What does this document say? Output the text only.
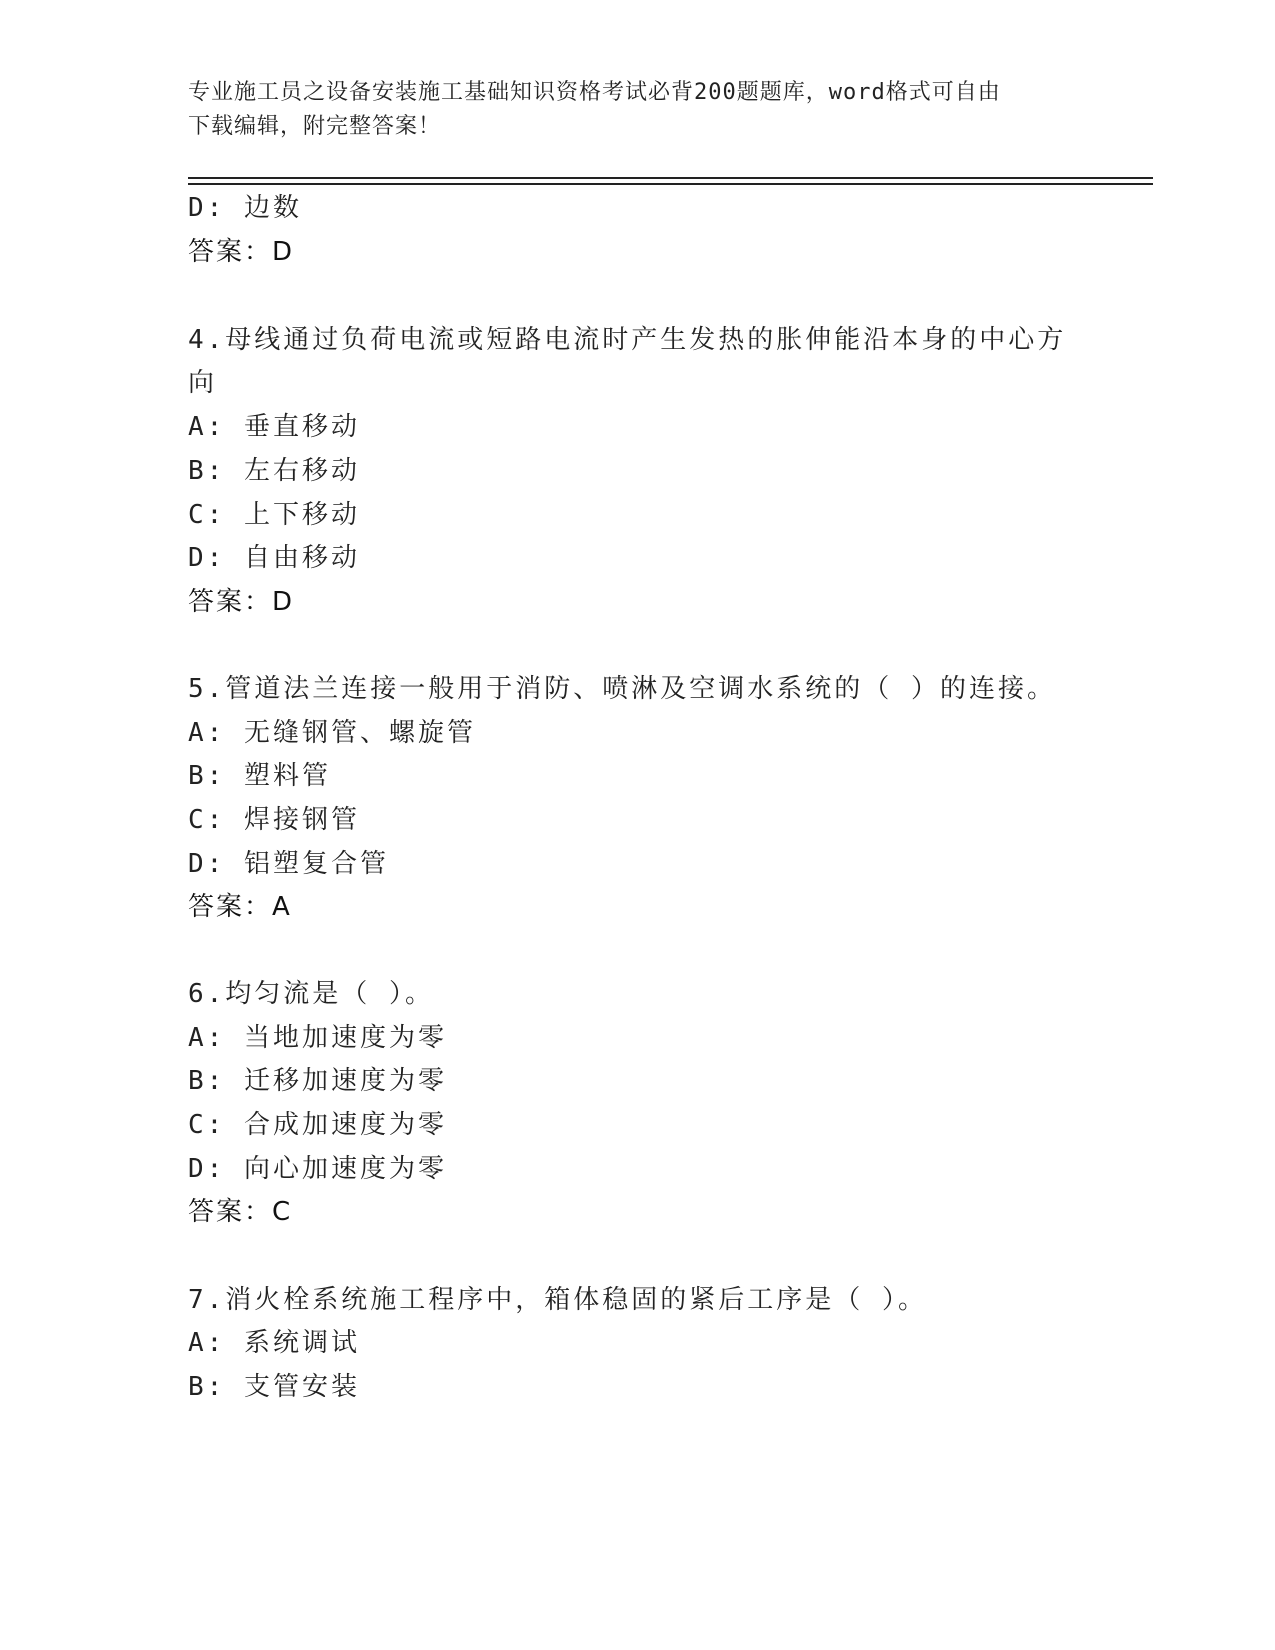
专业施工员之设备安装施工基础知识资格考试必背200题题库，word格式可自由
下载编辑，附完整答案！
D: 边数
答案：D
4.母线通过负荷电流或短路电流时产生发热的胀伸能沿本身的中心方
向
A: 垂直移动
B: 左右移动
C: 上下移动
D: 自由移动
答案：D
5.管道法兰连接一般用于消防、喷淋及空调水系统的（ ）的连接。
A: 无缝钢管、螺旋管
B: 塑料管
C: 焊接钢管
D: 铝塑复合管
答案：A
6.均匀流是（ ）。
A: 当地加速度为零
B: 迁移加速度为零
C: 合成加速度为零
D: 向心加速度为零
答案：C
7.消火栓系统施工程序中，箱体稳固的紧后工序是（ ）。
A: 系统调试
B: 支管安装
